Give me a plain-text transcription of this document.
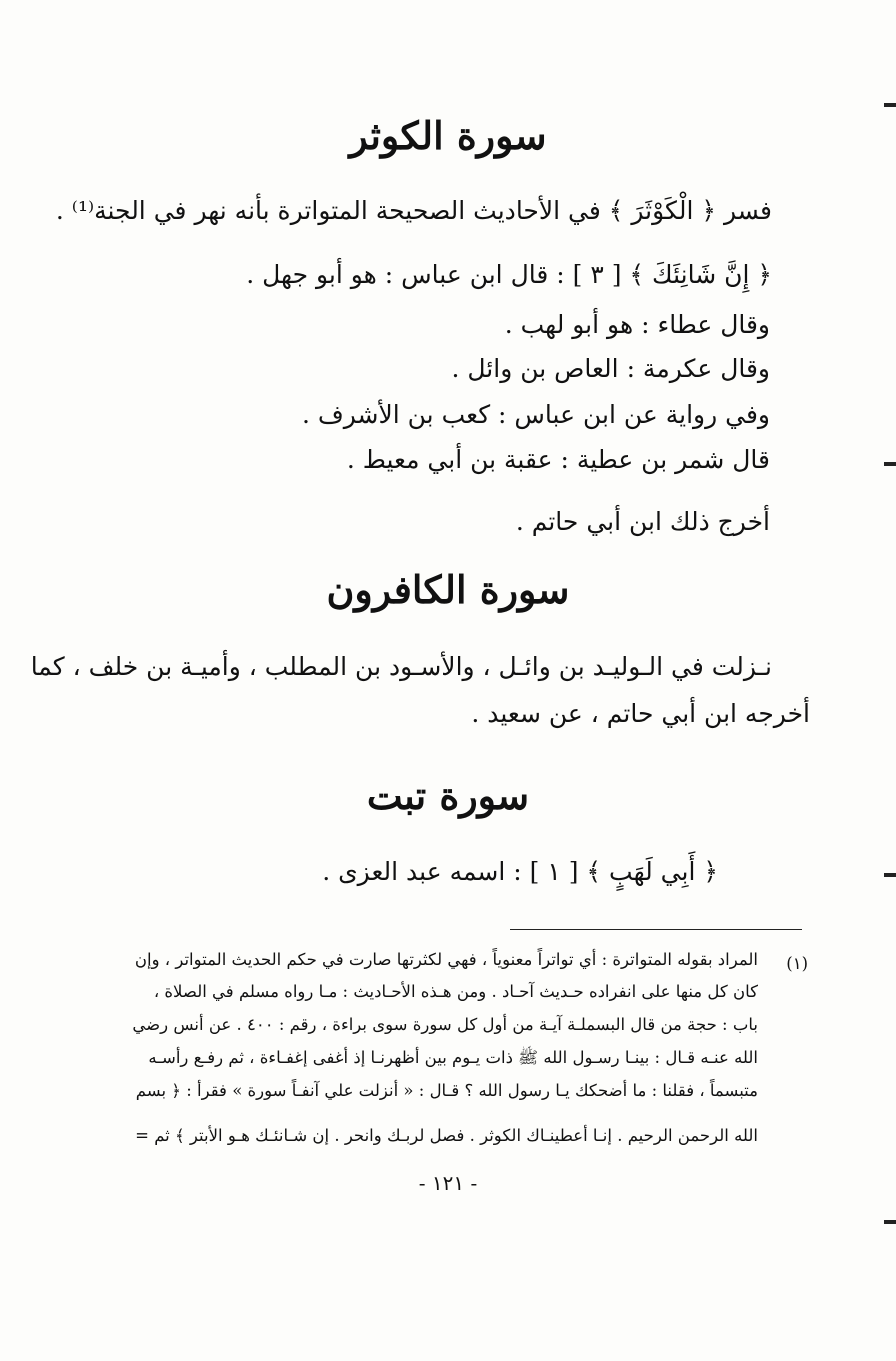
سورة الكوثر
فسر ﴿ الْكَوْثَرَ ﴾ في الأحاديث الصحيحة المتواترة بأنه نهر في الجنة⁽¹⁾ .
﴿ إِنَّ شَانِئَكَ ﴾ [ ٣ ] : قال ابن عباس : هو أبو جهل .
وقال عطاء : هو أبو لهب .
وقال عكرمة : العاص بن وائل .
وفي رواية عن ابن عباس : كعب بن الأشرف .
قال شمر بن عطية : عقبة بن أبي معيط .
أخرج ذلك ابن أبي حاتم .
سورة الكافرون
نـزلت في الـوليـد بن وائـل ، والأسـود بن المطلب ، وأميـة بن خلف ، كما
أخرجه ابن أبي حاتم ، عن سعيد .
سورة تبت
﴿ أَبِي لَهَبٍ ﴾ [ ١ ] : اسمه عبد العزى .
(١)
المراد بقوله المتواترة : أي تواتراً معنوياً ، فهي لكثرتها صارت في حكم الحديث المتواتر ، وإن
كان كل منها على انفراده حـديث آحـاد . ومن هـذه الأحـاديث : مـا رواه مسلم في الصلاة ،
باب : حجة من قال البسملـة آيـة من أول كل سورة سوى براءة ، رقم : ٤٠٠ . عن أنس رضي
الله عنـه قـال : بينـا رسـول الله ﷺ ذات يـوم بين أظهرنـا إذ أغفى إغفـاءة ، ثم رفـع رأسـه
متبسماً ، فقلنا : ما أضحكك يـا رسول الله ؟ قـال : « أنزلت علي آنفـاً سورة » فقرأ : ﴿ بسم
الله الرحمن الرحيم . إنـا أعطينـاك الكوثر . فصل لربـك وانحر . إن شـانئـك هـو الأبتر ﴾ ثم =
- ١٢١ -
